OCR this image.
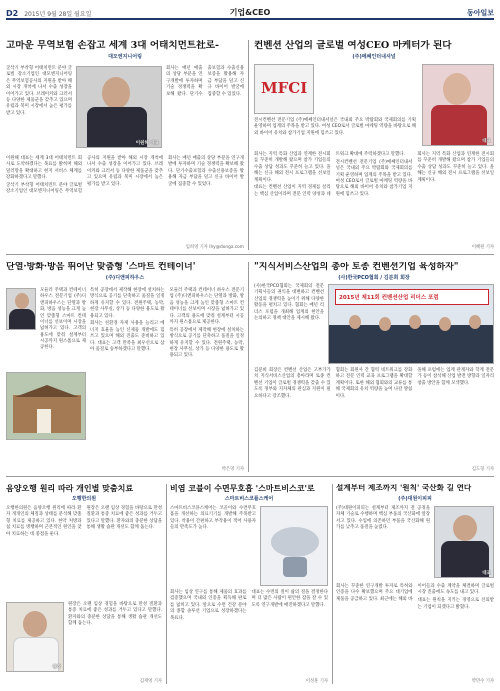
D2 2015년 9월 28일 월요일	기업&CEO	동아일보
고마운 무역보험 손잡고 세계 3대 어태치먼트社로-
대모엔지니어링
이원해 대표

굴삭기 부착형 어태치먼트 분야 글로벌 강소기업인 대모엔지니어링은 무역보험공사의 지원을 받아 해외 시장 개척에 나서 수출 성장을 이어가고 있다. 브레이커와 크러셔 등 다양한 제품군을 갖추고 있으며 유럽과 북미 시장에서 높은 평가를 받고 있다.

회사는 매년 매출의 상당 부분을 연구개발에 투자하며 기술 경쟁력을 확보해 왔다. 단기수출보험과 수출신용보증을 활용해 자금 부담을 덜고 신규 바이어 발굴에 집중할 수 있었다.

이원해 대표는 세계 3대 어태치먼트 회사로 도약하겠다는 목표를 밝히며 해외 딜러망을 확대하고 현지 서비스 체계를 강화하겠다고 말했다.

굴삭기 부착형 어태치먼트 분야 글로벌 강소기업인 대모엔지니어링은 무역보험공사의 지원을 받아 해외 시장 개척에 나서 수출 성장을 이어가고 있다. 브레이커와 크러셔 등 다양한 제품군을 갖추고 있으며 유럽과 북미 시장에서 높은 평가를 받고 있다.

회사는 매년 매출의 상당 부분을 연구개발에 투자하며 기술 경쟁력을 확보해 왔다. 단기수출보험과 수출신용보증을 활용해 자금 부담을 덜고 신규 바이어 발굴에 집중할 수 있었다.

임희영 기자 lhy@donga.com
컨벤션 산업의 글로벌 여성CEO 마케터가 된다
(주)메쎄인터내셔널
MFCI
대표

전시컨벤션 전문기업 (주)메쎄인터내셔널은 국내외 주요 박람회와 국제회의를 기획 운영하며 업계의 주목을 받고 있다. 여성 CEO로서 글로벌 마케팅 역량을 바탕으로 해외 바이어 유치와 참가기업 지원에 힘쓰고 있다.

회사는 지역 특화 산업과 연계한 전시회를 꾸준히 개발해 왔으며 참가 기업들의 수출 상담 성과도 꾸준히 늘고 있다. 올해는 신규 해외 전시 프로그램을 선보일 계획이다.

대표는 컨벤션 산업이 지역 경제를 살리는 핵심 산업이라며 전문 인력 양성과 네트워크 확대에 주력하겠다고 말했다.

전시컨벤션 전문기업 (주)메쎄인터내셔널은 국내외 주요 박람회와 국제회의를 기획 운영하며 업계의 주목을 받고 있다. 여성 CEO로서 글로벌 마케팅 역량을 바탕으로 해외 바이어 유치와 참가기업 지원에 힘쓰고 있다.

회사는 지역 특화 산업과 연계한 전시회를 꾸준히 개발해 왔으며 참가 기업들의 수출 상담 성과도 꾸준히 늘고 있다. 올해는 신규 해외 전시 프로그램을 선보일 계획이다.

이혜원 기자
단열·방화·방음 뛰어난 맞춤형 '스마트 컨테이너'
(주)디앤피하우스

모듈러 주택과 컨테이너 하우스 전문기업 (주)디앤피하우스는 단열과 방화, 방음 성능을 크게 높인 맞춤형 스마트 컨테이너를 선보이며 시장을 넓혀가고 있다. 고객의 용도에 맞춰 설계부터 시공까지 원스톱으로 제공한다.

특히 공장에서 제작해 현장에 설치하는 방식으로 공기를 단축하고 품질을 일정하게 유지할 수 있다. 전원주택, 농막, 현장 사무실, 상가 등 다양한 용도로 활용되고 있다.

회사는 친환경 자재 사용을 늘리고 에너지 효율을 높인 신제품 개발에도 힘쓰고 있으며 해외 진출도 준비하고 있다. 대표는 고객 만족을 최우선으로 삼아 품질로 승부하겠다고 말했다.

모듈러 주택과 컨테이너 하우스 전문기업 (주)디앤피하우스는 단열과 방화, 방음 성능을 크게 높인 맞춤형 스마트 컨테이너를 선보이며 시장을 넓혀가고 있다. 고객의 용도에 맞춰 설계부터 시공까지 원스톱으로 제공한다.

특히 공장에서 제작해 현장에 설치하는 방식으로 공기를 단축하고 품질을 일정하게 유지할 수 있다. 전원주택, 농막, 현장 사무실, 상가 등 다양한 용도로 활용되고 있다.

박은영 기자
"지식서비스산업의 총아 토종 컨벤션기업 육성하자"
(사)한국PCO협회 / 김분희 회장
2015년 제11회 컨벤션산업 리더스 포럼

(사)한국PCO협회는 국제회의 전문기획사들의 권익을 대변하고 컨벤션 산업의 경쟁력을 높이기 위해 다양한 활동을 펼치고 있다. 협회는 매년 리더스 포럼을 개최해 업계의 현안을 논의하고 정책 대안을 제시해 왔다.

김분희 회장은 컨벤션 산업은 고부가가치 지식서비스산업의 총아라며 토종 컨벤션 기업이 글로벌 경쟁력을 갖출 수 있도록 정부와 지자체의 관심과 지원이 필요하다고 강조했다.

협회는 회원사 간 협력 네트워크를 강화하고 전문 인력 교육 프로그램을 확대할 계획이다. 또한 해외 협회와의 교류를 통해 국제회의 유치 역량을 높여 나갈 방침이다.

올해 포럼에는 업계 관계자와 학계 전문가 등이 참석해 산업 발전 방향과 일자리 창출 방안을 함께 모색했다.

김도형 기자
음양오행 원리 따라 개인별 맞춤치료
오행한의원

오행한의원은 음양오행 원리에 따라 환자 개개인의 체질과 상태를 분석해 맞춤형 치료를 제공하고 있다. 한약 처방과 침 치료를 병행하며 근본적인 원인을 찾아 치료하는 데 중점을 둔다.

원장은 오랜 임상 경험을 바탕으로 만성 질환과 통증 치료에 좋은 성과를 거두고 있다고 말했다. 환자와의 충분한 상담을 통해 생활 습관 개선도 함께 돕는다.

원장

원장은 오랜 임상 경험을 바탕으로 만성 질환과 통증 치료에 좋은 성과를 거두고 있다고 말했다. 환자와의 충분한 상담을 통해 생활 습관 개선도 함께 돕는다.

김재영 기자
비염 코블이 수면무호흡 '스마트비스코'로
스마트비스코플스케어

스마트비스코플스케어는 코골이와 수면무호흡을 개선하는 의료기기를 개발해 주목받고 있다. 착용이 간편하고 부작용이 적어 사용자들의 만족도가 높다.

회사는 임상 연구를 통해 제품의 효과를 검증했으며 국내외 인증을 획득해 판로를 넓히고 있다. 앞으로 수면 건강 분야의 종합 솔루션 기업으로 성장하겠다는 목표다.

대표는 수면의 질이 삶의 질을 결정한다며 더 많은 사람이 편안한 잠을 잘 수 있도록 연구개발에 매진하겠다고 말했다.

이성훈 기자
설계부터 제조까지 '원칙' 국산화 길 연다
(주)대원이피피
대표

(주)대원이피피는 설계부터 제조까지 전 공정을 자체 기술로 수행하며 핵심 부품의 국산화에 앞장서고 있다. 수입에 의존하던 부품을 국산화해 원가를 낮추고 품질을 높였다.

회사는 꾸준한 연구개발 투자로 특허와 인증을 다수 확보했으며 주요 대기업에 제품을 공급하고 있다. 최근에는 해외 바이어들과 수출 계약을 체결하며 글로벌 시장 진출에도 속도를 내고 있다.

대표는 원칙을 지키는 경영으로 신뢰받는 기업이 되겠다고 밝혔다.

박민수 기자
